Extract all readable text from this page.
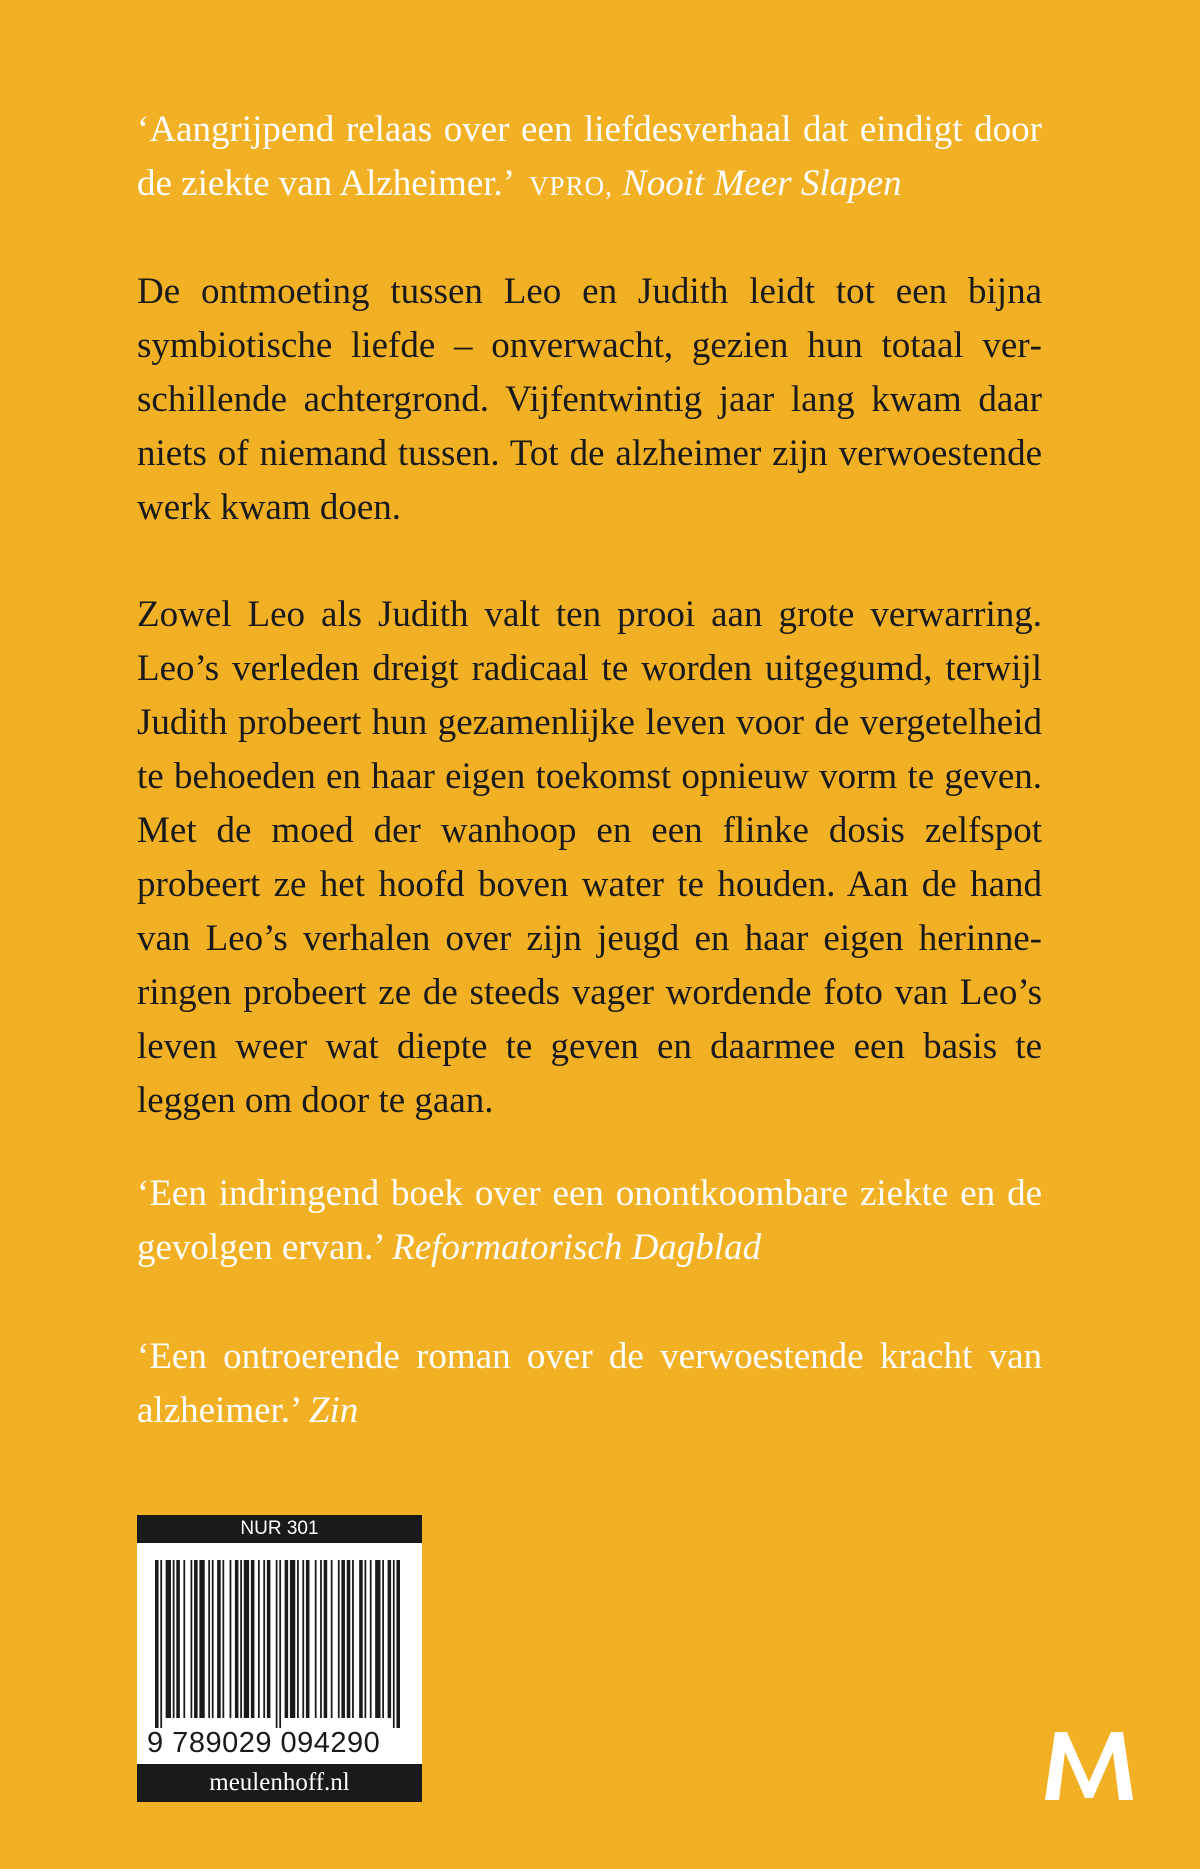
‘Aangrijpend relaas over een liefdesverhaal dat eindigt door de ziekte van Alzheimer.’ VPRO, Nooit Meer Slapen
De ontmoeting tussen Leo en Judith leidt tot een bijna symbiotische liefde – onverwacht, gezien hun totaal verschillende achtergrond. Vijfentwintig jaar lang kwam daar niets of niemand tussen. Tot de alzheimer zijn verwoestende werk kwam doen.
Zowel Leo als Judith valt ten prooi aan grote verwarring. Leo’s verleden dreigt radicaal te worden uitgegumd, terwijl Judith probeert hun gezamenlijke leven voor de vergetelheid te behoeden en haar eigen toekomst opnieuw vorm te geven. Met de moed der wanhoop en een flinke dosis zelfspot probeert ze het hoofd boven water te houden. Aan de hand van Leo’s verhalen over zijn jeugd en haar eigen herinneringen probeert ze de steeds vager wordende foto van Leo’s leven weer wat diepte te geven en daarmee een basis te leggen om door te gaan.
‘Een indringend boek over een onontkoombare ziekte en de gevolgen ervan.’ Reformatorisch Dagblad
‘Een ontroerende roman over de verwoestende kracht van alzheimer.’ Zin
NUR 301
9 789029 094290
meulenhoff.nl
